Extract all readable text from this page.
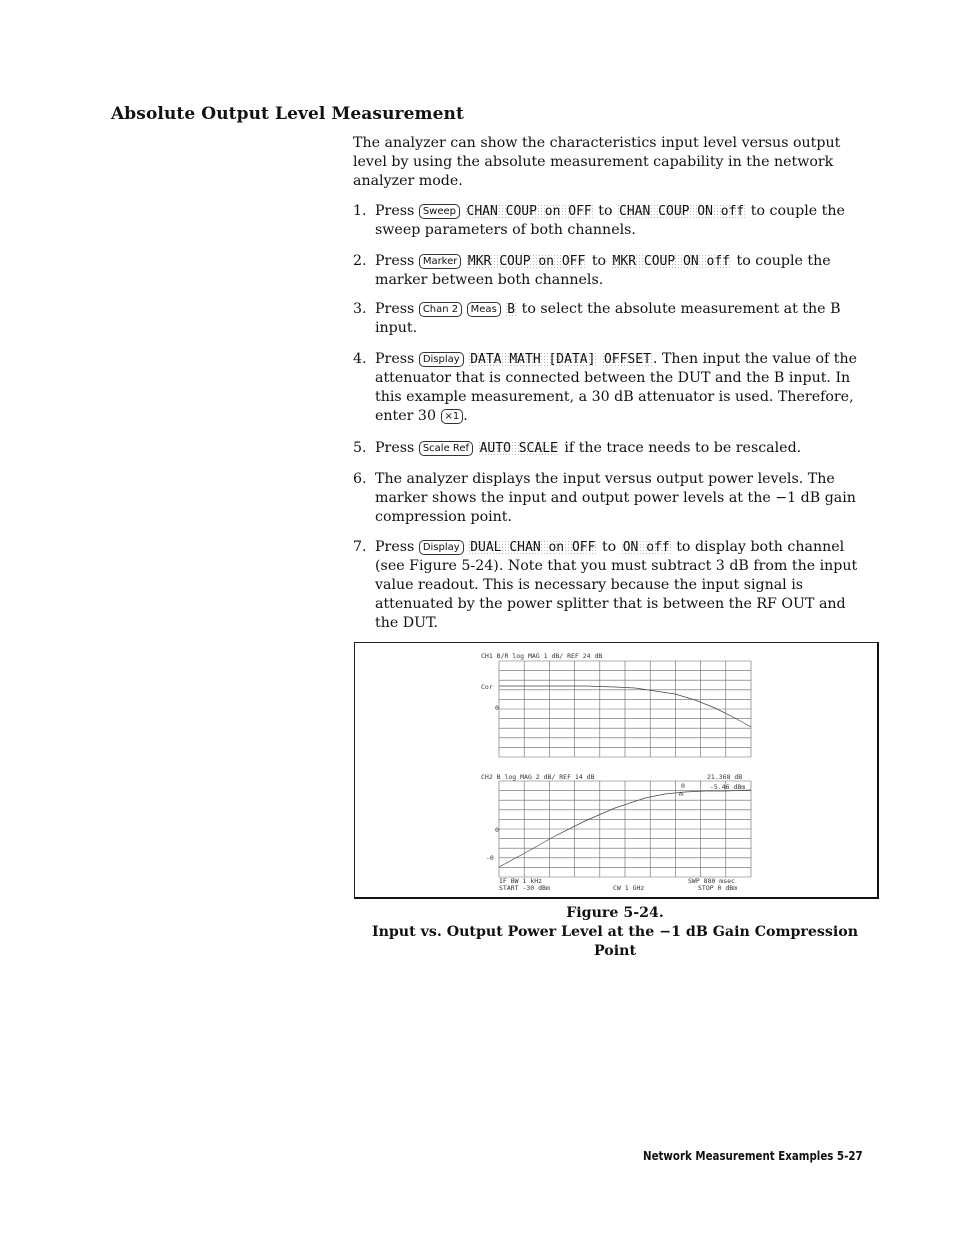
Absolute Output Level Measurement
The analyzer can show the characteristics input level versus output level by using the absolute measurement capability in the network analyzer mode.
1. Press Sweep CHAN COUP on OFF to CHAN COUP ON off to couple the sweep parameters of both channels.
2. Press Marker MKR COUP on OFF to MKR COUP ON off to couple the marker between both channels.
3. Press Chan 2 Meas B to select the absolute measurement at the B input.
4. Press Display DATA MATH [DATA] OFFSET . Then input the value of the attenuator that is connected between the DUT and the B input. In this example measurement, a 30 dB attenuator is used. Therefore, enter 30 ×1 .
5. Press Scale Ref AUTO SCALE if the trace needs to be rescaled.
6. The analyzer displays the input versus output power levels. The marker shows the input and output power levels at the −1 dB gain compression point.
7. Press Display DUAL CHAN on OFF to ON off to display both channel (see Figure 5-24). Note that you must subtract 3 dB from the input value readout. This is necessary because the input signal is attenuated by the power splitter that is between the RF OUT and the DUT.
CH1 B/R log MAG 1 dB/ REF 24 dB
Cor
0
CH2 B log MAG 2 dB/ REF 14 dB	21.368 dB
-5.46 dBm
0
0
-0
IF BW 1 kHz	SWP 880 msec
START -30 dBm	CW 1 GHz	STOP 0 dBm
Figure 5-24.
Input vs. Output Power Level at the −1 dB Gain Compression
Point
Network Measurement Examples 5-27
